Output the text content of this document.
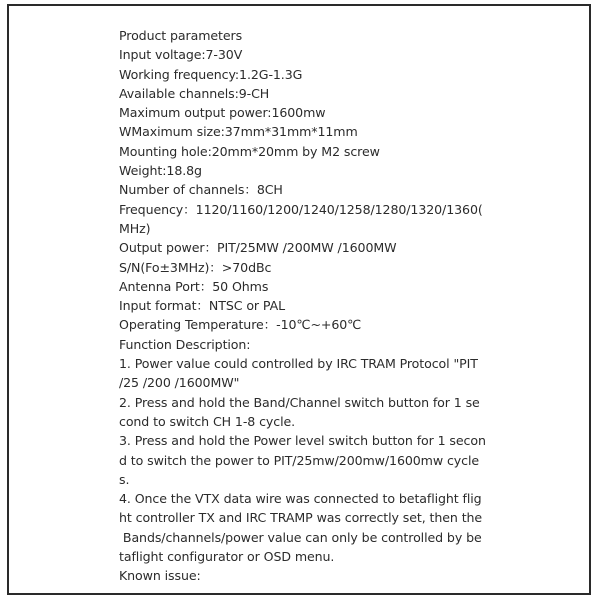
Product parameters
Input voltage:7-30V
Working frequency:1.2G-1.3G
Available channels:9-CH
Maximum output power:1600mw
WMaximum size:37mm*31mm*11mm
Mounting hole:20mm*20mm by M2 screw
Weight:18.8g
Number of channels：8CH
Frequency：1120/1160/1200/1240/1258/1280/1320/1360(
MHz)
Output power：PIT/25MW /200MW /1600MW
S/N(Fo±3MHz)：>70dBc
Antenna Port：50 Ohms
Input format：NTSC or PAL
Operating Temperature：-10℃~+60℃
Function Description:
1. Power value could controlled by IRC TRAM Protocol "PIT
/25 /200 /1600MW"
2. Press and hold the Band/Channel switch button for 1 se
cond to switch CH 1-8 cycle.
3. Press and hold the Power level switch button for 1 secon
d to switch the power to PIT/25mw/200mw/1600mw cycle
s.
4. Once the VTX data wire was connected to betaflight flig
ht controller TX and IRC TRAMP was correctly set, then the
Bands/channels/power value can only be controlled by be
taflight configurator or OSD menu.
Known issue:
